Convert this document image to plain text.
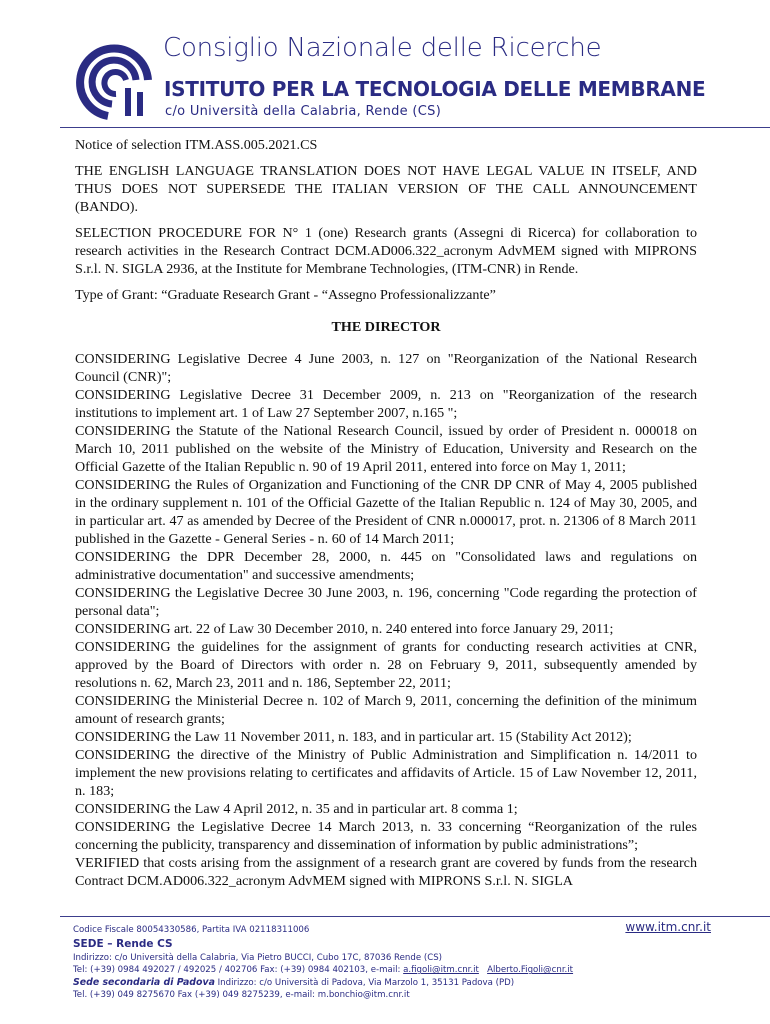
Consiglio Nazionale delle Ricerche
ISTITUTO PER LA TECNOLOGIA DELLE MEMBRANE
c/o Università della Calabria, Rende (CS)

Notice of selection ITM.ASS.005.2021.CS

THE ENGLISH LANGUAGE TRANSLATION DOES NOT HAVE LEGAL VALUE IN ITSELF, AND THUS DOES NOT SUPERSEDE THE ITALIAN VERSION OF THE CALL ANNOUNCEMENT (BANDO).

SELECTION PROCEDURE FOR N° 1 (one) Research grants (Assegni di Ricerca) for collaboration to research activities in the Research Contract DCM.AD006.322_acronym AdvMEM signed with MIPRONS S.r.l. N. SIGLA 2936, at the Institute for Membrane Technologies, (ITM-CNR) in Rende.

Type of Grant: “Graduate Research Grant - “Assegno Professionalizzante”

THE DIRECTOR

CONSIDERING Legislative Decree 4 June 2003, n. 127 on "Reorganization of the National Research Council (CNR)";

CONSIDERING Legislative Decree 31 December 2009, n. 213 on "Reorganization of the research institutions to implement art. 1 of Law 27 September 2007, n.165 ";

CONSIDERING the Statute of the National Research Council, issued by order of President n. 000018 on March 10, 2011 published on the website of the Ministry of Education, University and Research on the Official Gazette of the Italian Republic n. 90 of 19 April 2011, entered into force on May 1, 2011;

CONSIDERING the Rules of Organization and Functioning of the CNR DP CNR of May 4, 2005 published in the ordinary supplement n. 101 of the Official Gazette of the Italian Republic n. 124 of May 30, 2005, and in particular art. 47 as amended by Decree of the President of CNR n.000017, prot. n. 21306 of 8 March 2011 published in the Gazette - General Series - n. 60 of 14 March 2011;

CONSIDERING the DPR December 28, 2000, n. 445 on "Consolidated laws and regulations on administrative documentation" and successive amendments;

CONSIDERING the Legislative Decree 30 June 2003, n. 196, concerning "Code regarding the protection of personal data";

CONSIDERING art. 22 of Law 30 December 2010, n. 240 entered into force January 29, 2011;

CONSIDERING the guidelines for the assignment of grants for conducting research activities at CNR, approved by the Board of Directors with order n. 28 on February 9, 2011, subsequently amended by resolutions n. 62, March 23, 2011 and n. 186, September 22, 2011;

CONSIDERING the Ministerial Decree n. 102 of March 9, 2011, concerning the definition of the minimum amount of research grants;

CONSIDERING the Law 11 November 2011, n. 183, and in particular art. 15 (Stability Act 2012);

CONSIDERING the directive of the Ministry of Public Administration and Simplification n. 14/2011 to implement the new provisions relating to certificates and affidavits of Article. 15 of Law November 12, 2011, n. 183;

CONSIDERING the Law 4 April 2012, n. 35 and in particular art. 8 comma 1;

CONSIDERING the Legislative Decree 14 March 2013, n. 33 concerning “Reorganization of the rules concerning the publicity, transparency and dissemination of information by public administrations”;

VERIFIED that costs arising from the assignment of a research grant are covered by funds from the research Contract DCM.AD006.322_acronym AdvMEM signed with MIPRONS S.r.l. N. SIGLA

Codice Fiscale 80054330586, Partita IVA 02118311006	www.itm.cnr.it

SEDE – Rende CS

Indirizzo: c/o Università della Calabria, Via Pietro BUCCI, Cubo 17C, 87036 Rende (CS)

Tel: (+39) 0984 492027 / 492025 / 402706 Fax: (+39) 0984 402103, e-mail: a.figoli@itm.cnr.it Alberto.Figoli@cnr.it

Sede secondaria di Padova Indirizzo: c/o Università di Padova, Via Marzolo 1, 35131 Padova (PD)

Tel. (+39) 049 8275670 Fax (+39) 049 8275239, e-mail: m.bonchio@itm.cnr.it
